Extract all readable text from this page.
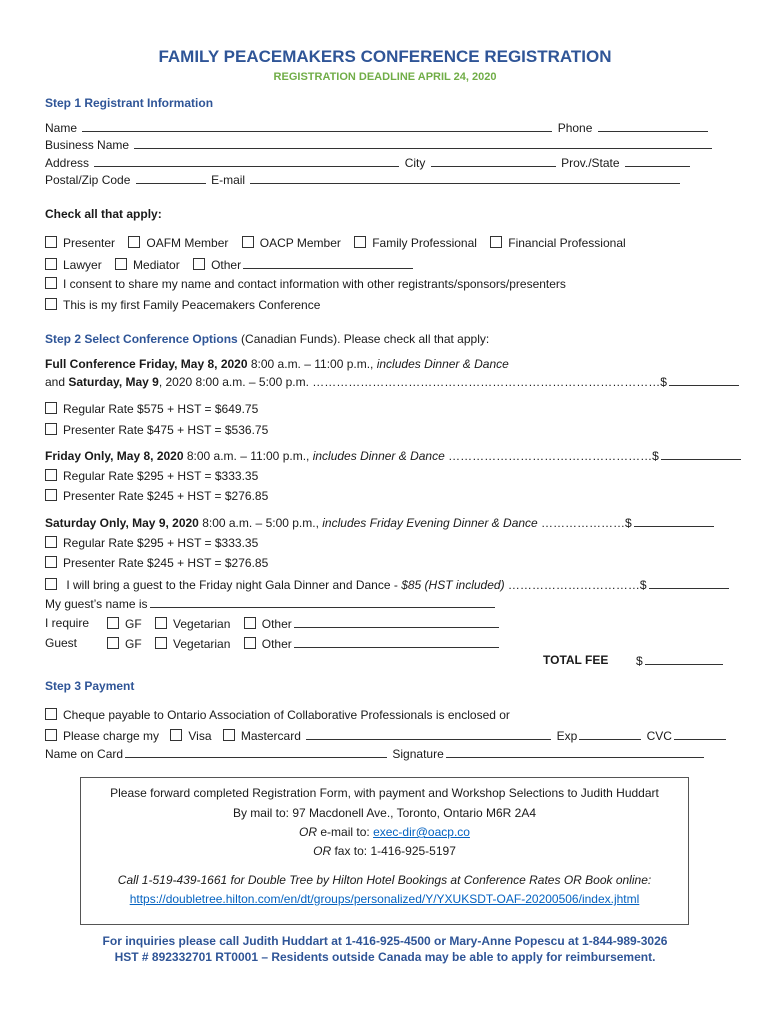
FAMILY PEACEMAKERS CONFERENCE REGISTRATION
REGISTRATION DEADLINE APRIL 24, 2020
Step 1 Registrant Information
Name	Phone
Business Name
Address	City	Prov./State
Postal/Zip Code	E-mail
Check all that apply:
Presenter	OAFM Member	OACP Member	Family Professional	Financial Professional
Lawyer	Mediator	Other
I consent to share my name and contact information with other registrants/sponsors/presenters
This is my first Family Peacemakers Conference
Step 2 Select Conference Options (Canadian Funds). Please check all that apply:
Full Conference Friday, May 8, 2020 8:00 a.m. – 11:00 p.m., includes Dinner & Dance
and Saturday, May 9, 2020 8:00 a.m. – 5:00 p.m. ……………………………………………………………………………$
Regular Rate $575 + HST = $649.75
Presenter Rate $475 + HST = $536.75
Friday Only, May 8, 2020 8:00 a.m. – 11:00 p.m., includes Dinner & Dance ……………………………………………$
Regular Rate $295 + HST = $333.35
Presenter Rate $245 + HST = $276.85
Saturday Only, May 9, 2020 8:00 a.m. – 5:00 p.m., includes Friday Evening Dinner & Dance …………………$
Regular Rate $295 + HST = $333.35
Presenter Rate $245 + HST = $276.85
I will bring a guest to the Friday night Gala Dinner and Dance - $85 (HST included) ……………………………$
My guest’s name is
I require	GF	Vegetarian	Other
Guest	GF	Vegetarian	Other
TOTAL FEE $
Step 3 Payment
Cheque payable to Ontario Association of Collaborative Professionals is enclosed or
Please charge my Visa Mastercard	Exp	CVC
Name on Card	Signature
Please forward completed Registration Form, with payment and Workshop Selections to Judith Huddart
By mail to: 97 Macdonell Ave., Toronto, Ontario M6R 2A4
OR e-mail to: exec-dir@oacp.co
OR fax to: 1-416-925-5197
Call 1-519-439-1661 for Double Tree by Hilton Hotel Bookings at Conference Rates OR Book online:
https://doubletree.hilton.com/en/dt/groups/personalized/Y/YXUKSDT-OAF-20200506/index.jhtml
For inquiries please call Judith Huddart at 1-416-925-4500 or Mary-Anne Popescu at 1-844-989-3026
HST # 892332701 RT0001 – Residents outside Canada may be able to apply for reimbursement.
